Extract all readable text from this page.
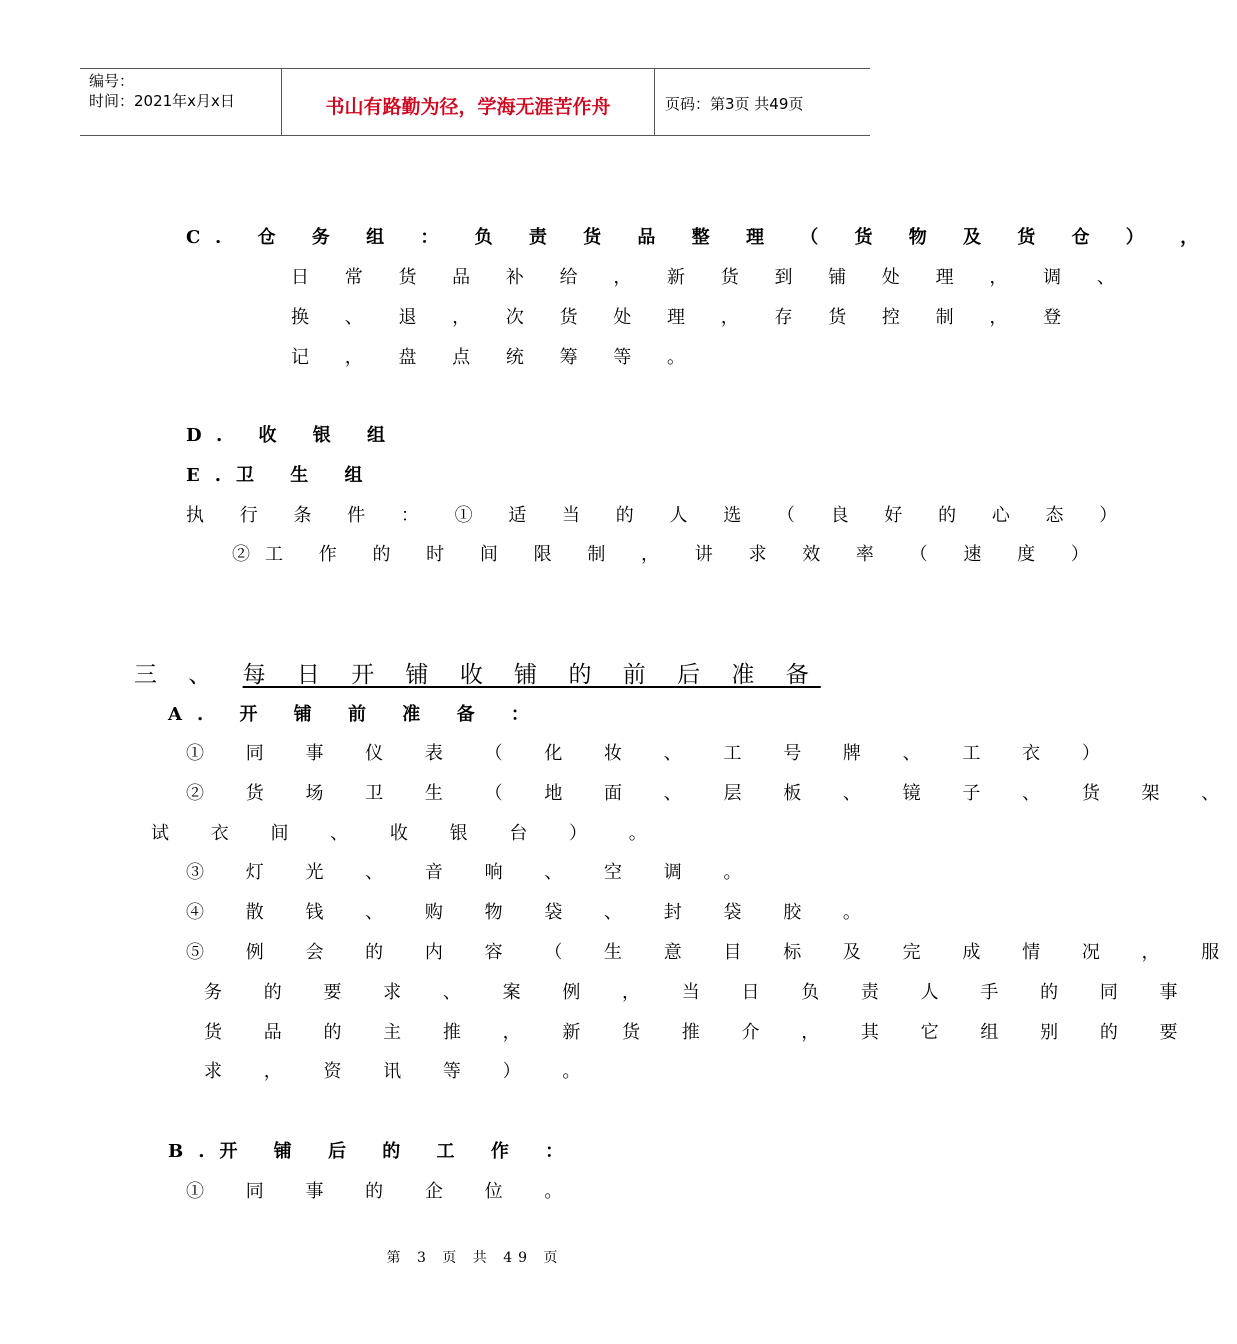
编号：
时间：2021年x月x日	书山有路勤为径，学海无涯苦作舟	页码：第3页 共49页
C. 仓 务 组 ： 负 责 货 品 整 理 （ 货 物 及 货 仓 ） ，
日 常 货 品 补 给 ， 新 货 到 铺 处 理 ， 调 、
换 、 退 ， 次 货 处 理 ， 存 货 控 制 ， 登
记 ， 盘 点 统 筹 等 。
D. 收 银 组
E.卫 生 组
执 行 条 件 ： ① 适 当 的 人 选 （ 良 好 的 心 态 ）
②工 作 的 时 间 限 制 ， 讲 求 效 率 （ 速 度 ）
三 、 每 日 开 铺 收 铺 的 前 后 准 备
A. 开 铺 前 准 备 ：
① 同 事 仪 表 （ 化 妆 、 工 号 牌 、 工 衣 ）
② 货 场 卫 生 （ 地 面 、 层 板 、 镜 子 、 货 架 、
试 衣 间 、 收 银 台 ） 。
③ 灯 光 、 音 响 、 空 调 。
④ 散 钱 、 购 物 袋 、 封 袋 胶 。
⑤ 例 会 的 内 容 （ 生 意 目 标 及 完 成 情 况 ， 服
务 的 要 求 、 案 例 ， 当 日 负 责 人 手 的 同 事
货 品 的 主 推 ， 新 货 推 介 ， 其 它 组 别 的 要
求 ， 资 讯 等 ） 。
B.开 铺 后 的 工 作 ：
① 同 事 的 企 位 。
第 3 页 共 49 页
